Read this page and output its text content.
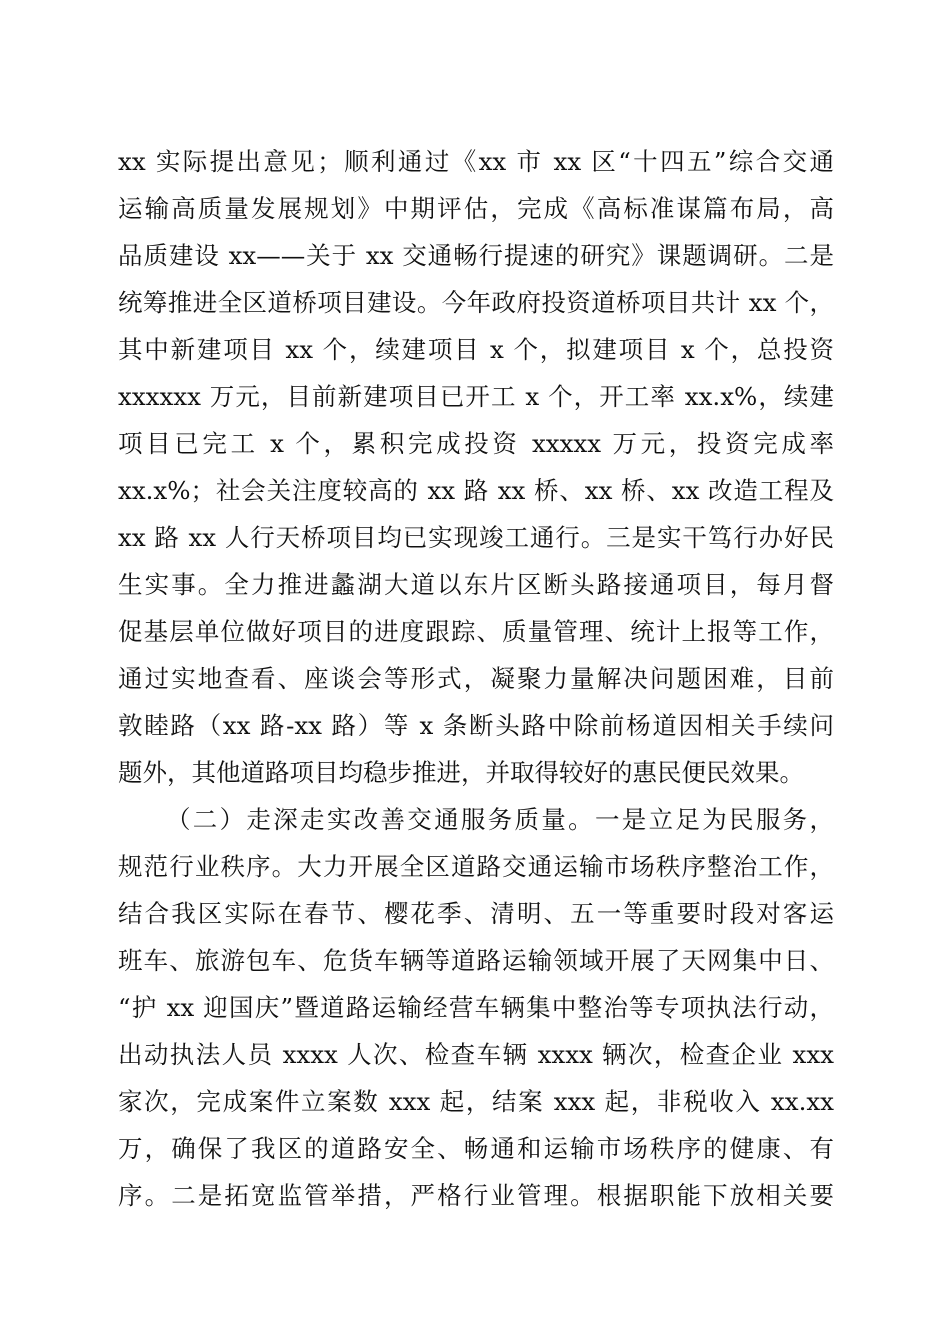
xx 实际提出意见；顺利通过《xx 市 xx 区“十四五”综合交通
运输高质量发展规划》中期评估，完成《高标准谋篇布局，高
品质建设 xx——关于 xx 交通畅行提速的研究》课题调研。二是
统筹推进全区道桥项目建设。今年政府投资道桥项目共计 xx 个，
其中新建项目 xx 个，续建项目 x 个，拟建项目 x 个，总投资
xxxxxx 万元，目前新建项目已开工 x 个，开工率 xx.x%，续建
项目已完工 x 个，累积完成投资 xxxxx 万元，投资完成率
xx.x%；社会关注度较高的 xx 路 xx 桥、xx 桥、xx 改造工程及
xx 路 xx 人行天桥项目均已实现竣工通行。三是实干笃行办好民
生实事。全力推进蠡湖大道以东片区断头路接通项目，每月督
促基层单位做好项目的进度跟踪、质量管理、统计上报等工作，
通过实地查看、座谈会等形式，凝聚力量解决问题困难，目前
敦睦路（xx 路-xx 路）等 x 条断头路中除前杨道因相关手续问
题外，其他道路项目均稳步推进，并取得较好的惠民便民效果。
（二）走深走实改善交通服务质量。一是立足为民服务，
规范行业秩序。大力开展全区道路交通运输市场秩序整治工作，
结合我区实际在春节、樱花季、清明、五一等重要时段对客运
班车、旅游包车、危货车辆等道路运输领域开展了天网集中日、
“护 xx 迎国庆”暨道路运输经营车辆集中整治等专项执法行动，
出动执法人员 xxxx 人次、检查车辆 xxxx 辆次，检查企业 xxx
家次，完成案件立案数 xxx 起，结案 xxx 起，非税收入 xx.xx
万，确保了我区的道路安全、畅通和运输市场秩序的健康、有
序。二是拓宽监管举措，严格行业管理。根据职能下放相关要
